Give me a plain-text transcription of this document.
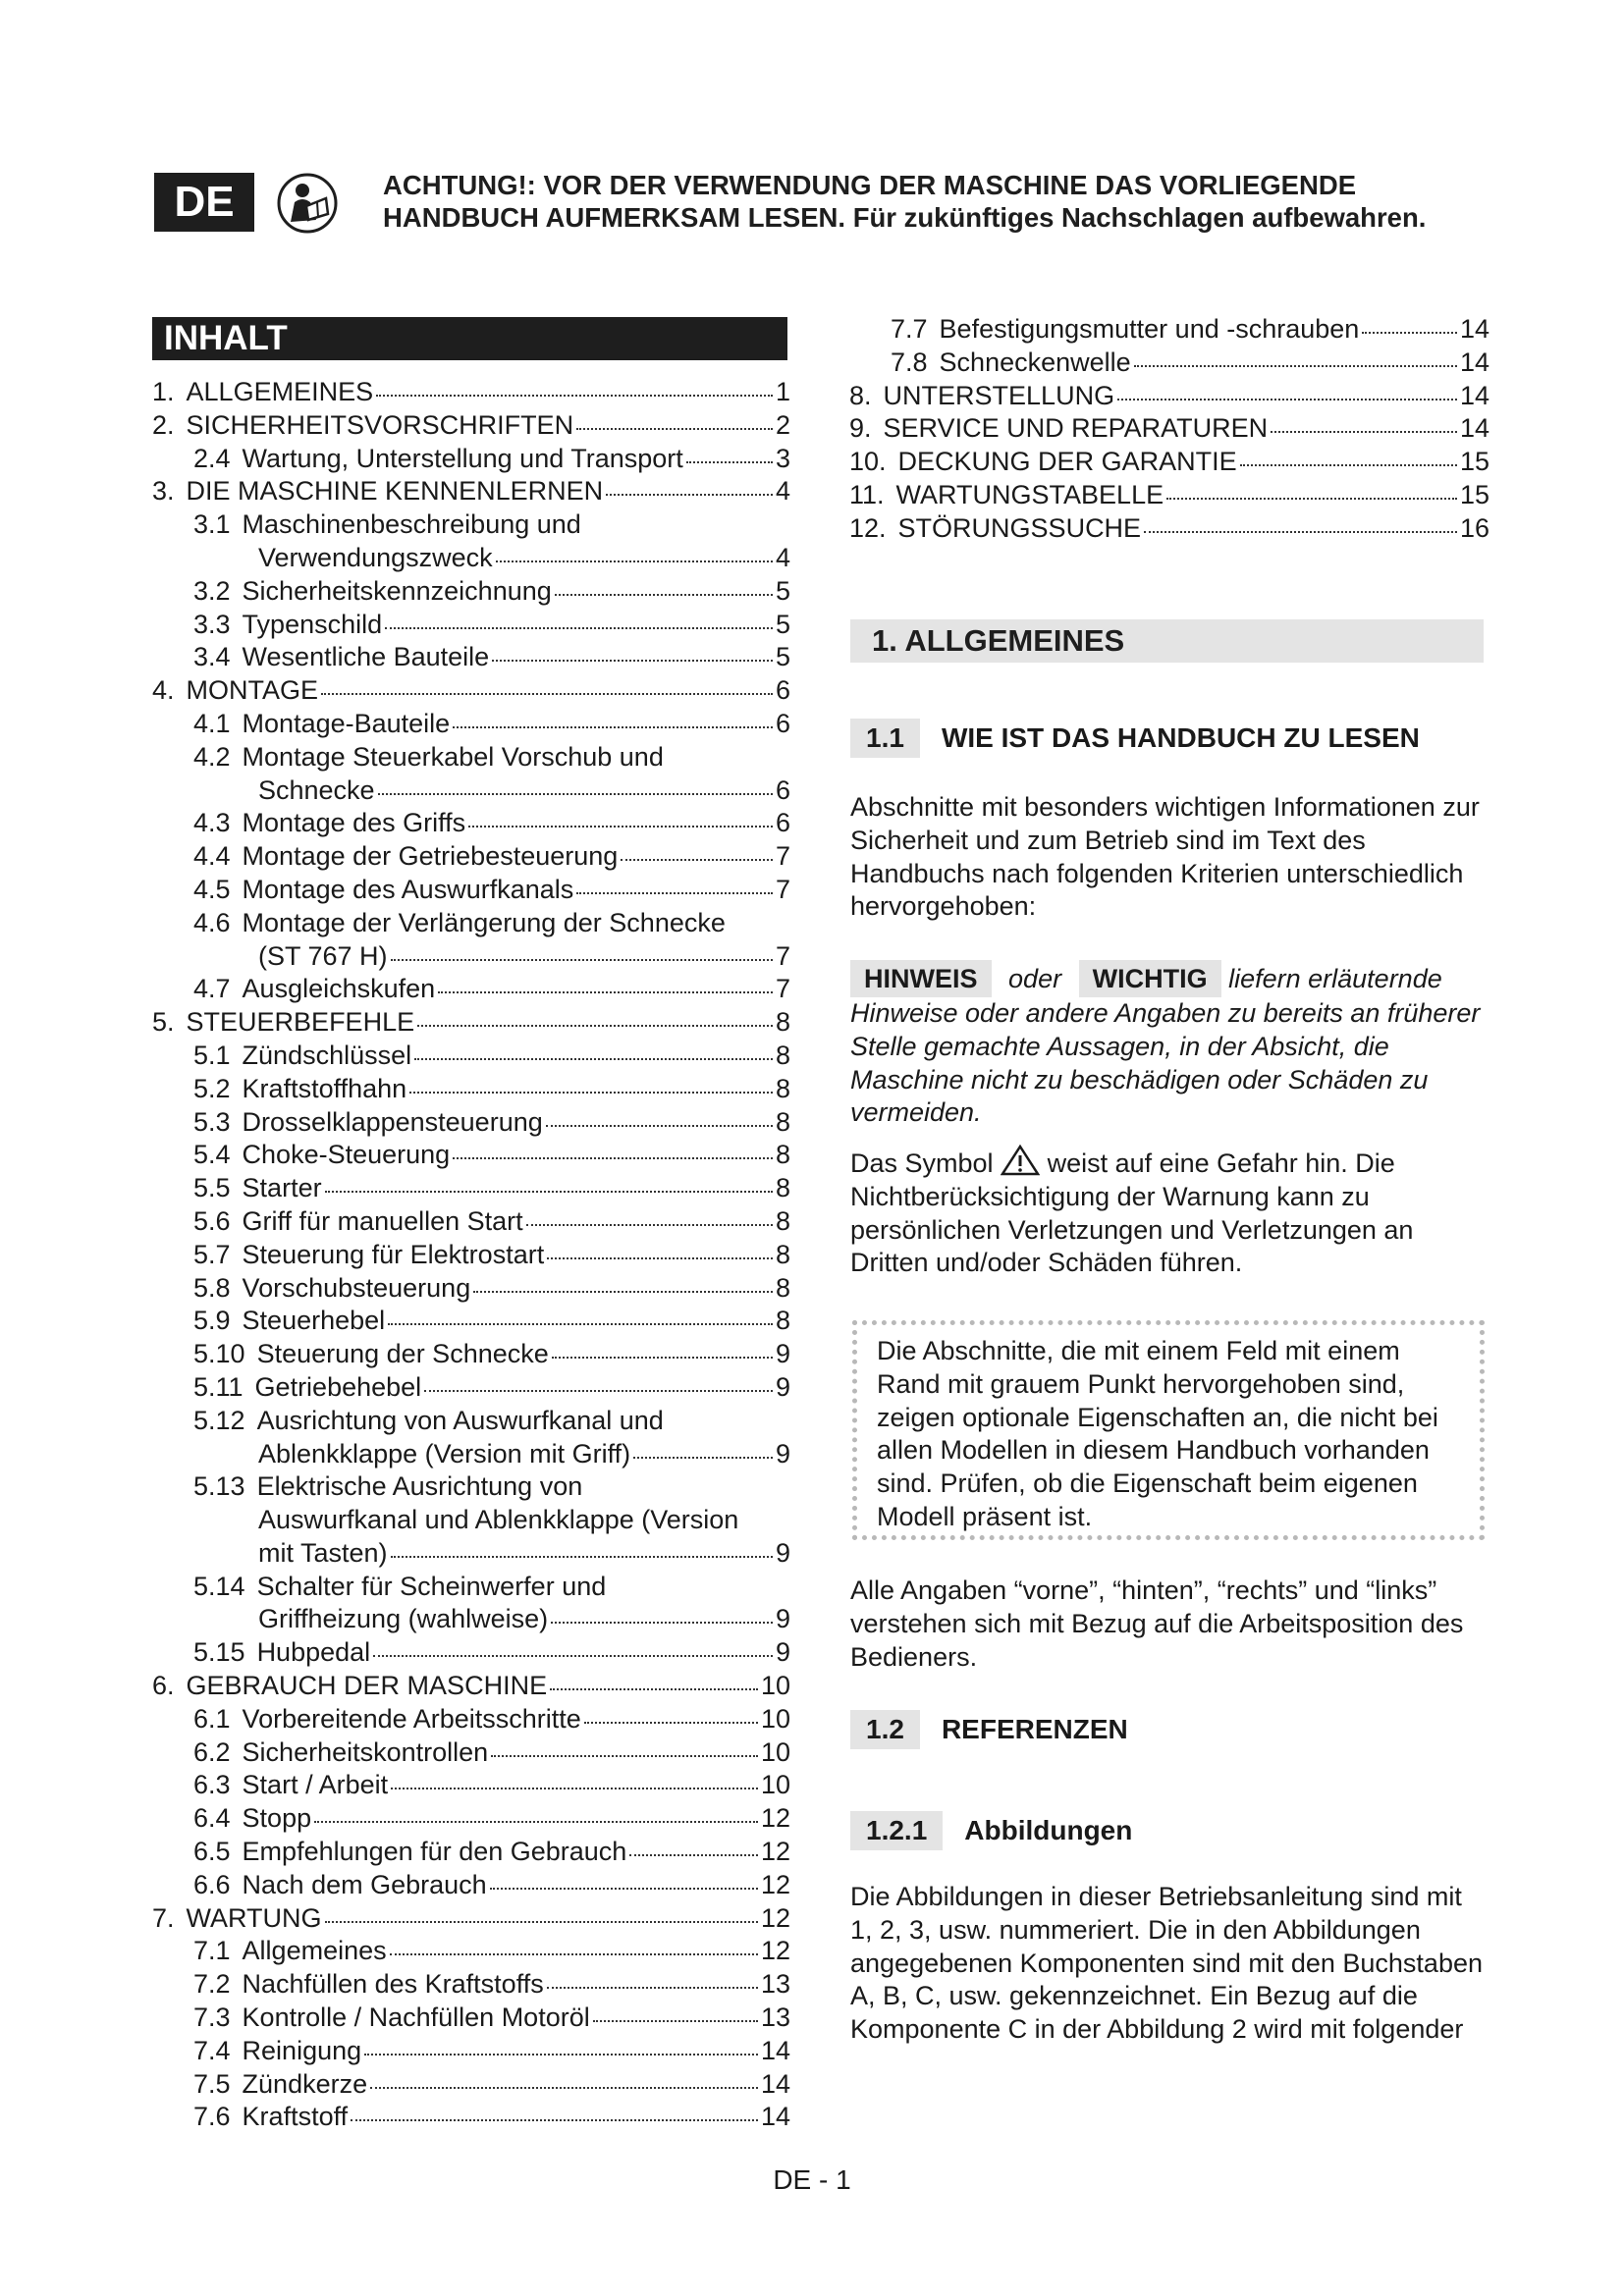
DE	ACHTUNG!: VOR DER VERWENDUNG DER MASCHINE DAS VORLIEGENDE
HANDBUCH AUFMERKSAM LESEN. Für zukünftiges Nachschlagen aufbewahren.
INHALT
1. ALLGEMEINES	1
2. SICHERHEITSVORSCHRIFTEN	2
2.4 Wartung, Unterstellung und Transport	3
3. DIE MASCHINE KENNENLERNEN	4
3.1 Maschinenbeschreibung und
Verwendungszweck	4
3.2 Sicherheitskennzeichnung	5
3.3 Typenschild	5
3.4 Wesentliche Bauteile	5
4. MONTAGE	6
4.1 Montage-Bauteile	6
4.2 Montage Steuerkabel Vorschub und
Schnecke	6
4.3 Montage des Griffs	6
4.4 Montage der Getriebesteuerung	7
4.5 Montage des Auswurfkanals	7
4.6 Montage der Verlängerung der Schnecke
(ST 767 H)	7
4.7 Ausgleichskufen	7
5. STEUERBEFEHLE	8
5.1 Zündschlüssel	8
5.2 Kraftstoffhahn	8
5.3 Drosselklappensteuerung	8
5.4 Choke-Steuerung	8
5.5 Starter	8
5.6 Griff für manuellen Start	8
5.7 Steuerung für Elektrostart	8
5.8 Vorschubsteuerung	8
5.9 Steuerhebel	8
5.10 Steuerung der Schnecke	9
5.11 Getriebehebel	9
5.12 Ausrichtung von Auswurfkanal und
Ablenkklappe (Version mit Griff)	9
5.13 Elektrische Ausrichtung von
Auswurfkanal und Ablenkklappe (Version
mit Tasten)	9
5.14 Schalter für Scheinwerfer und
Griffheizung (wahlweise)	9
5.15 Hubpedal	9
6. GEBRAUCH DER MASCHINE	10
6.1 Vorbereitende Arbeitsschritte	10
6.2 Sicherheitskontrollen	10
6.3 Start / Arbeit	10
6.4 Stopp	12
6.5 Empfehlungen für den Gebrauch	12
6.6 Nach dem Gebrauch	12
7. WARTUNG	12
7.1 Allgemeines	12
7.2 Nachfüllen des Kraftstoffs	13
7.3 Kontrolle / Nachfüllen Motoröl	13
7.4 Reinigung	14
7.5 Zündkerze	14
7.6 Kraftstoff	14
7.7 Befestigungsmutter und -schrauben	14
7.8 Schneckenwelle	14
8. UNTERSTELLUNG	14
9. SERVICE UND REPARATUREN	14
10. DECKUNG DER GARANTIE	15
11. WARTUNGSTABELLE	15
12. STÖRUNGSSUCHE	16
1. ALLGEMEINES
1.1	WIE IST DAS HANDBUCH ZU LESEN
Abschnitte mit besonders wichtigen Informationen zur Sicherheit und zum Betrieb sind im Text des Handbuchs nach folgenden Kriterien unterschiedlich hervorgehoben:
HINWEIS oder WICHTIG liefern erläuternde Hinweise oder andere Angaben zu bereits an früherer Stelle gemachte Aussagen, in der Absicht, die Maschine nicht zu beschädigen oder Schäden zu vermeiden.
Das Symbol weist auf eine Gefahr hin. Die Nichtberücksichtigung der Warnung kann zu persönlichen Verletzungen und Verletzungen an Dritten und/oder Schäden führen.
Die Abschnitte, die mit einem Feld mit einem Rand mit grauem Punkt hervorgehoben sind, zeigen optionale Eigenschaften an, die nicht bei allen Modellen in diesem Handbuch vorhanden sind. Prüfen, ob die Eigenschaft beim eigenen Modell präsent ist.
Alle Angaben “vorne”, “hinten”, “rechts” und “links” verstehen sich mit Bezug auf die Arbeitsposition des Bedieners.
1.2	REFERENZEN
1.2.1	Abbildungen
Die Abbildungen in dieser Betriebsanleitung sind mit 1, 2, 3, usw. nummeriert. Die in den Abbildungen angegebenen Komponenten sind mit den Buchstaben A, B, C, usw. gekennzeichnet. Ein Bezug auf die Komponente C in der Abbildung 2 wird mit folgender
DE - 1
